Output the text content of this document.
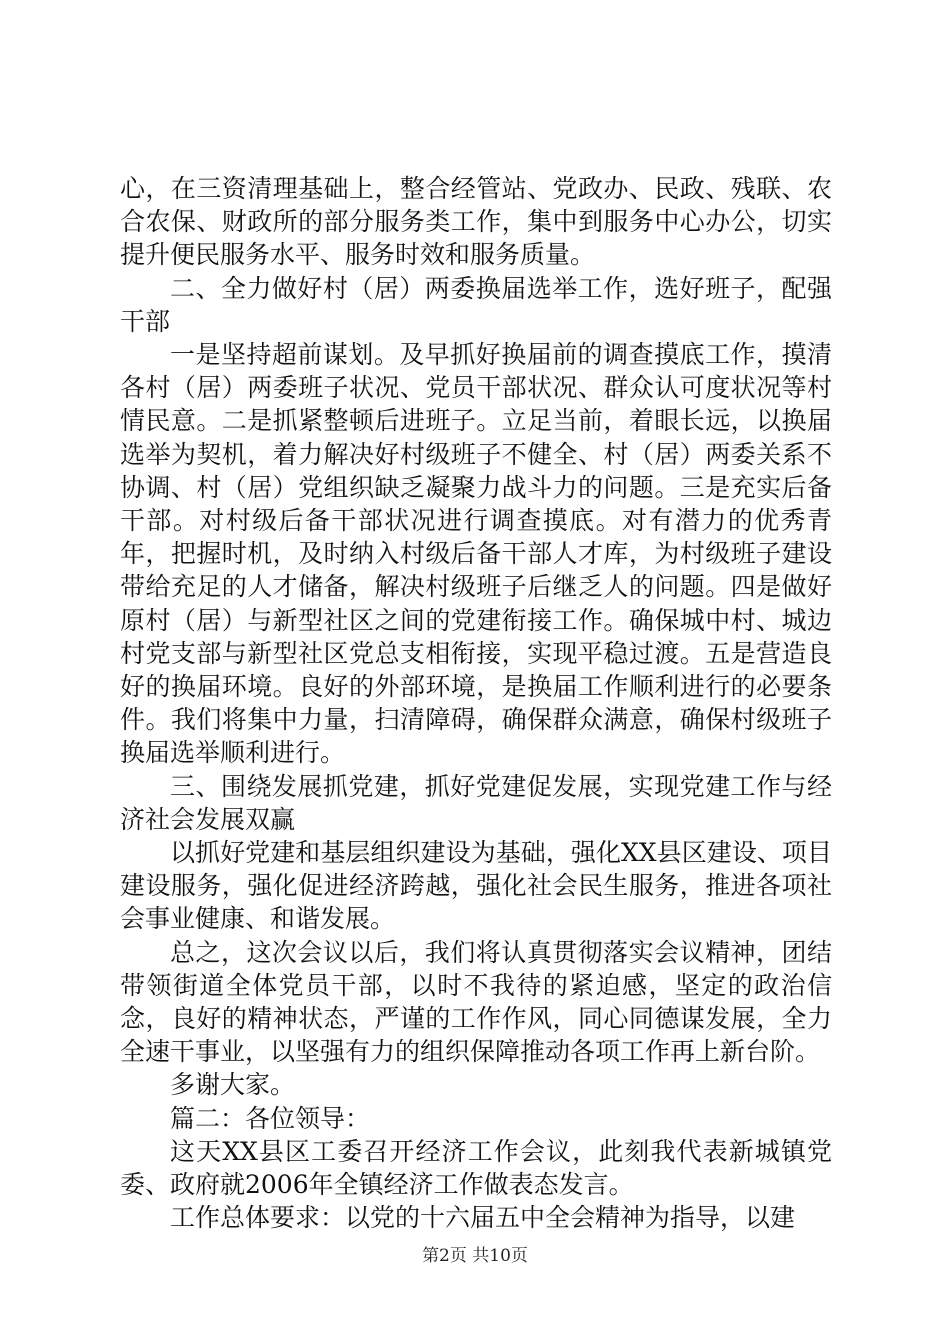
心，在三资清理基础上，整合经管站、党政办、民政、残联、农合农保、财政所的部分服务类工作，集中到服务中心办公，切实提升便民服务水平、服务时效和服务质量。

二、全力做好村（居）两委换届选举工作，选好班子，配强干部

一是坚持超前谋划。及早抓好换届前的调查摸底工作，摸清各村（居）两委班子状况、党员干部状况、群众认可度状况等村情民意。二是抓紧整顿后进班子。立足当前，着眼长远，以换届选举为契机，着力解决好村级班子不健全、村（居）两委关系不协调、村（居）党组织缺乏凝聚力战斗力的问题。三是充实后备干部。对村级后备干部状况进行调查摸底。对有潜力的优秀青年，把握时机，及时纳入村级后备干部人才库，为村级班子建设带给充足的人才储备，解决村级班子后继乏人的问题。四是做好原村（居）与新型社区之间的党建衔接工作。确保城中村、城边村党支部与新型社区党总支相衔接，实现平稳过渡。五是营造良好的换届环境。良好的外部环境，是换届工作顺利进行的必要条件。我们将集中力量，扫清障碍，确保群众满意，确保村级班子换届选举顺利进行。

三、围绕发展抓党建，抓好党建促发展，实现党建工作与经济社会发展双赢

以抓好党建和基层组织建设为基础，强化XX县区建设、项目建设服务，强化促进经济跨越，强化社会民生服务，推进各项社会事业健康、和谐发展。

总之，这次会议以后，我们将认真贯彻落实会议精神，团结带领街道全体党员干部，以时不我待的紧迫感，坚定的政治信念，良好的精神状态，严谨的工作作风，同心同德谋发展，全力全速干事业，以坚强有力的组织保障推动各项工作再上新台阶。

多谢大家。

篇二：各位领导：

这天XX县区工委召开经济工作会议，此刻我代表新城镇党委、政府就2006年全镇经济工作做表态发言。

工作总体要求：以党的十六届五中全会精神为指导，以建

第2页 共10页
